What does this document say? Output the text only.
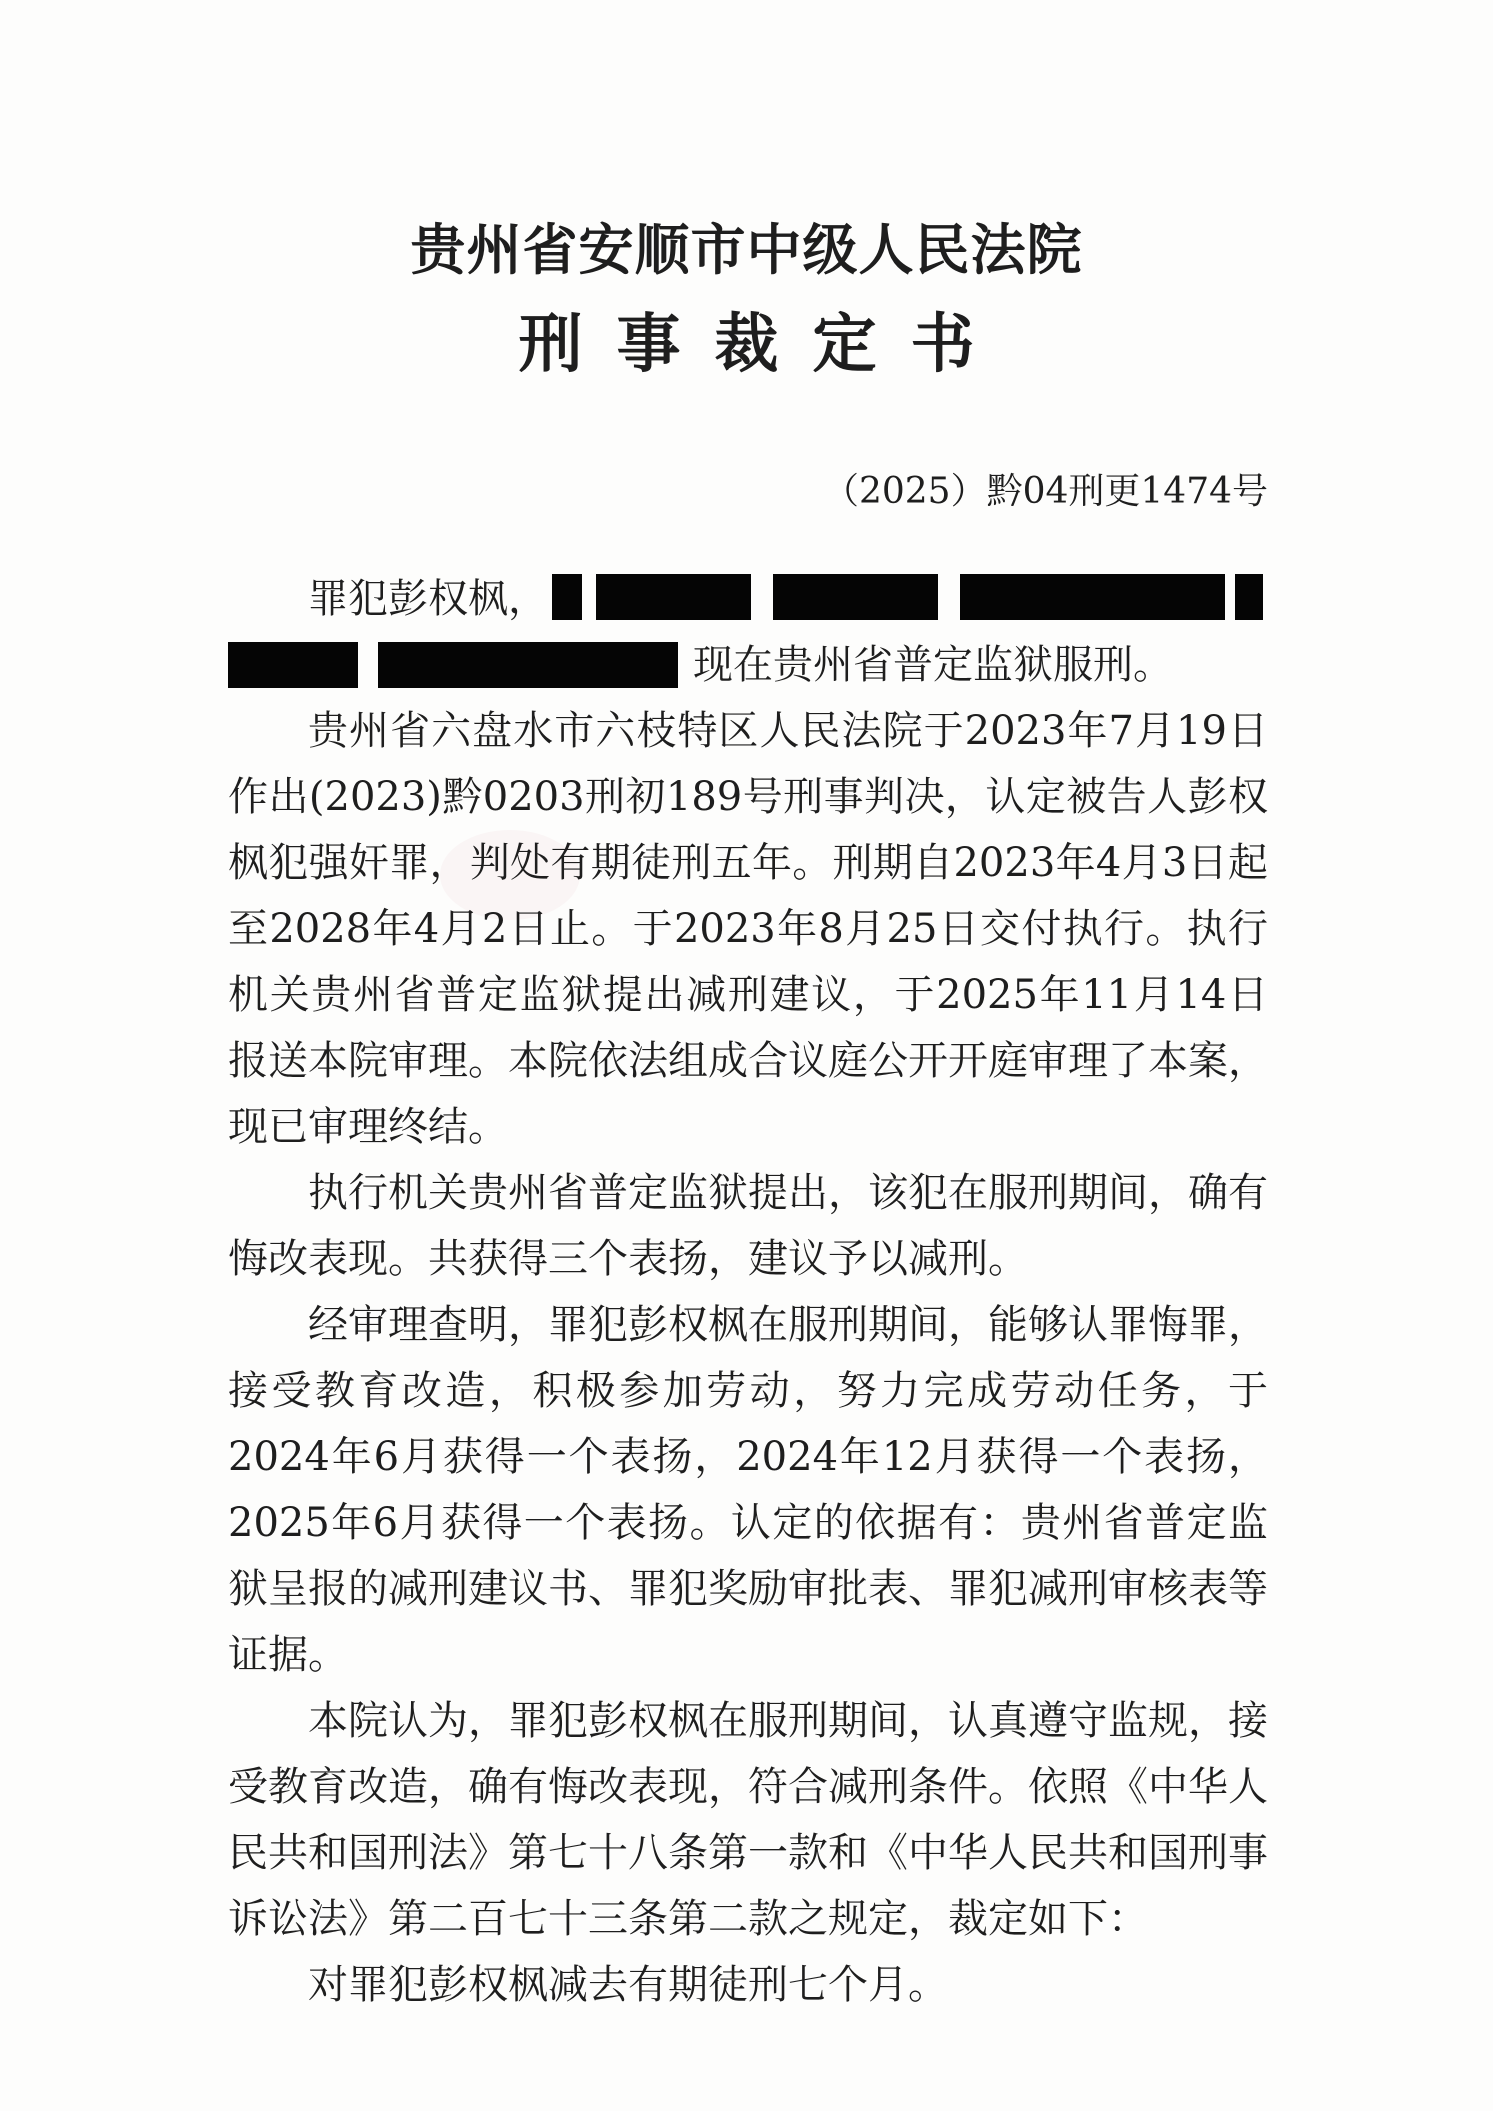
贵州省安顺市中级人民法院
刑事裁定书
（2025）黔04刑更1474号

罪犯彭权枫，

现在贵州省普定监狱服刑。

贵州省六盘水市六枝特区人民法院于2023年7月19日作出(2023)黔0203刑初189号刑事判决，认定被告人彭权枫犯强奸罪，判处有期徒刑五年。刑期自2023年4月3日起至2028年4月2日止。于2023年8月25日交付执行。执行机关贵州省普定监狱提出减刑建议，于2025年11月14日报送本院审理。本院依法组成合议庭公开开庭审理了本案，现已审理终结。

执行机关贵州省普定监狱提出，该犯在服刑期间，确有悔改表现。共获得三个表扬，建议予以减刑。

经审理查明，罪犯彭权枫在服刑期间，能够认罪悔罪，接受教育改造，积极参加劳动，努力完成劳动任务，于2024年6月获得一个表扬，2024年12月获得一个表扬，2025年6月获得一个表扬。认定的依据有：贵州省普定监狱呈报的减刑建议书、罪犯奖励审批表、罪犯减刑审核表等证据。

本院认为，罪犯彭权枫在服刑期间，认真遵守监规，接受教育改造，确有悔改表现，符合减刑条件。依照《中华人民共和国刑法》第七十八条第一款和《中华人民共和国刑事诉讼法》第二百七十三条第二款之规定，裁定如下：

对罪犯彭权枫减去有期徒刑七个月。
